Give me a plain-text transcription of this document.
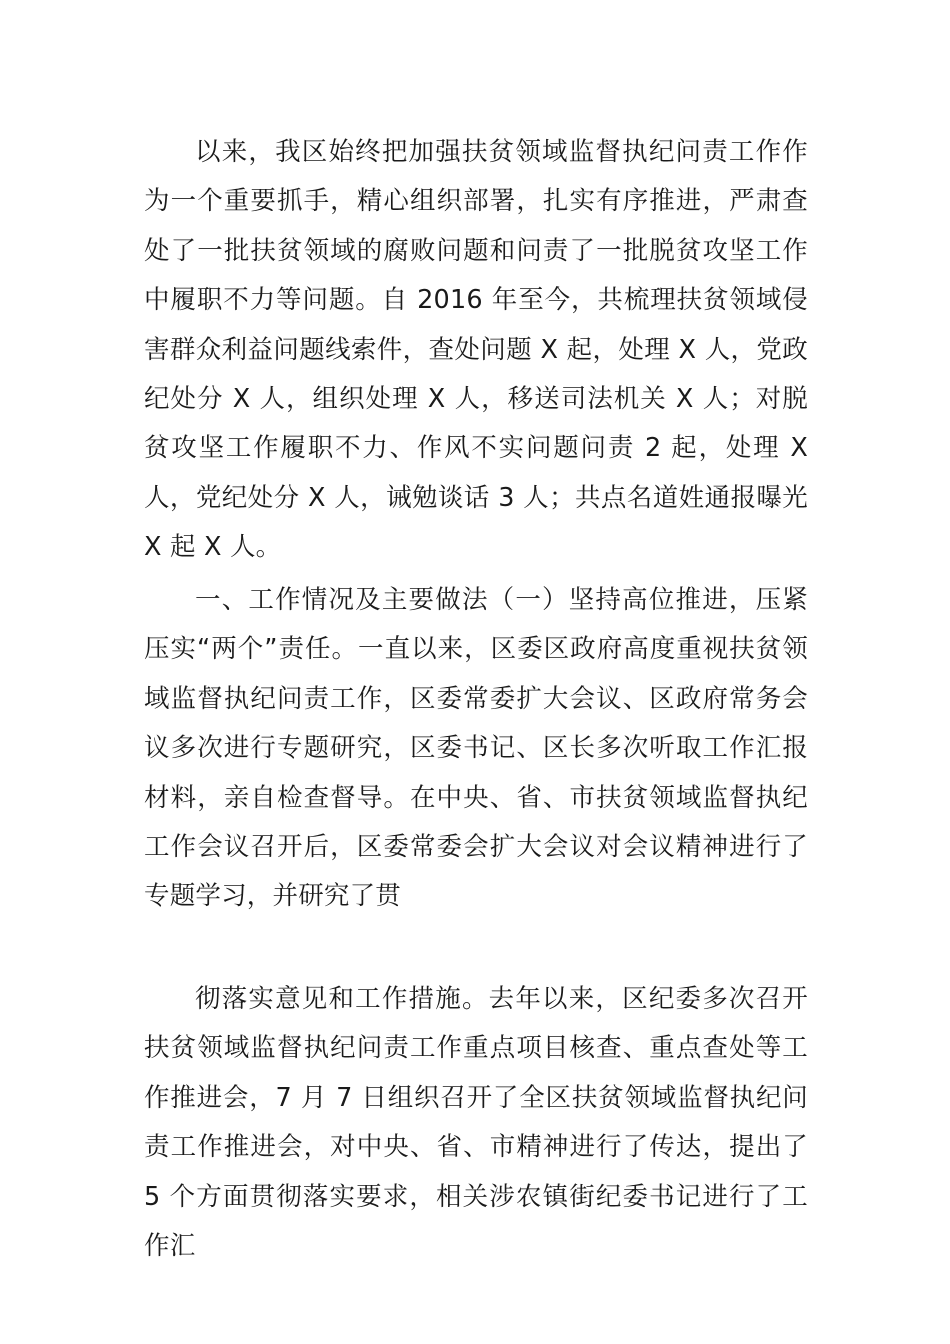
以来，我区始终把加强扶贫领域监督执纪问责工作作为一个重要抓手，精心组织部署，扎实有序推进，严肃查处了一批扶贫领域的腐败问题和问责了一批脱贫攻坚工作中履职不力等问题。自 2016 年至今，共梳理扶贫领域侵害群众利益问题线索件，查处问题 X 起，处理 X 人，党政纪处分 X 人，组织处理 X 人，移送司法机关 X 人；对脱贫攻坚工作履职不力、作风不实问题问责 2 起，处理 X 人，党纪处分 X 人，诫勉谈话 3 人；共点名道姓通报曝光 X 起 X 人。

一、工作情况及主要做法（一）坚持高位推进，压紧压实“两个”责任。一直以来，区委区政府高度重视扶贫领域监督执纪问责工作，区委常委扩大会议、区政府常务会议多次进行专题研究，区委书记、区长多次听取工作汇报材料，亲自检查督导。在中央、省、市扶贫领域监督执纪工作会议召开后，区委常委会扩大会议对会议精神进行了专题学习，并研究了贯

彻落实意见和工作措施。去年以来，区纪委多次召开扶贫领域监督执纪问责工作重点项目核查、重点查处等工作推进会，7 月 7 日组织召开了全区扶贫领域监督执纪问责工作推进会，对中央、省、市精神进行了传达，提出了 5 个方面贯彻落实要求，相关涉农镇街纪委书记进行了工作汇
